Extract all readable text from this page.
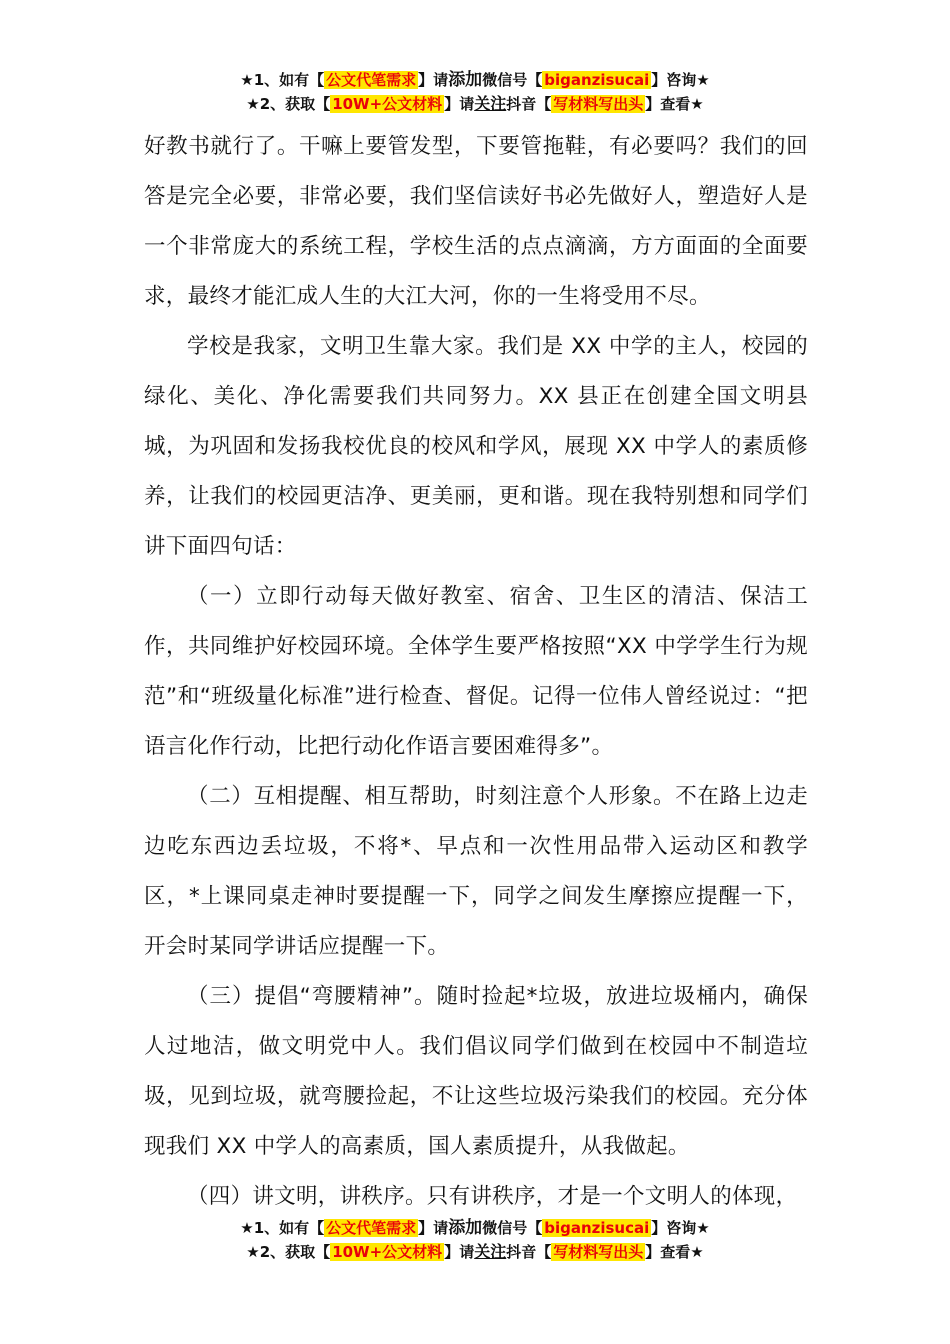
★1、如有【 公文代笔需求 】请添加微信号【 biganzisucai 】咨询★
★2、获取【 10W+公文材料 】请关注抖音【 写材料写出头 】查看★

好教书就行了。干嘛上要管发型，下要管拖鞋，有必要吗？我们的回答是完全必要，非常必要，我们坚信读好书必先做好人，塑造好人是一个非常庞大的系统工程，学校生活的点点滴滴，方方面面的全面要求，最终才能汇成人生的大江大河，你的一生将受用不尽。

学校是我家，文明卫生靠大家。我们是 XX 中学的主人，校园的绿化、美化、净化需要我们共同努力。XX 县正在创建全国文明县城，为巩固和发扬我校优良的校风和学风，展现 XX 中学人的素质修养，让我们的校园更洁净、更美丽，更和谐。现在我特别想和同学们讲下面四句话：

（一）立即行动每天做好教室、宿舍、卫生区的清洁、保洁工作，共同维护好校园环境。全体学生要严格按照“XX 中学学生行为规范”和“班级量化标准”进行检查、督促。记得一位伟人曾经说过：“把语言化作行动，比把行动化作语言要困难得多”。

（二）互相提醒、相互帮助，时刻注意个人形象。不在路上边走边吃东西边丢垃圾，不将*、早点和一次性用品带入运动区和教学区，*上课同桌走神时要提醒一下，同学之间发生摩擦应提醒一下，开会时某同学讲话应提醒一下。

（三）提倡“弯腰精神”。随时捡起*垃圾，放进垃圾桶内，确保人过地洁，做文明党中人。我们倡议同学们做到在校园中不制造垃圾，见到垃圾，就弯腰捡起，不让这些垃圾污染我们的校园。充分体现我们 XX 中学人的高素质，国人素质提升，从我做起。

（四）讲文明，讲秩序。只有讲秩序，才是一个文明人的体现，

★1、如有【 公文代笔需求 】请添加微信号【 biganzisucai 】咨询★
★2、获取【 10W+公文材料 】请关注抖音【 写材料写出头 】查看★
